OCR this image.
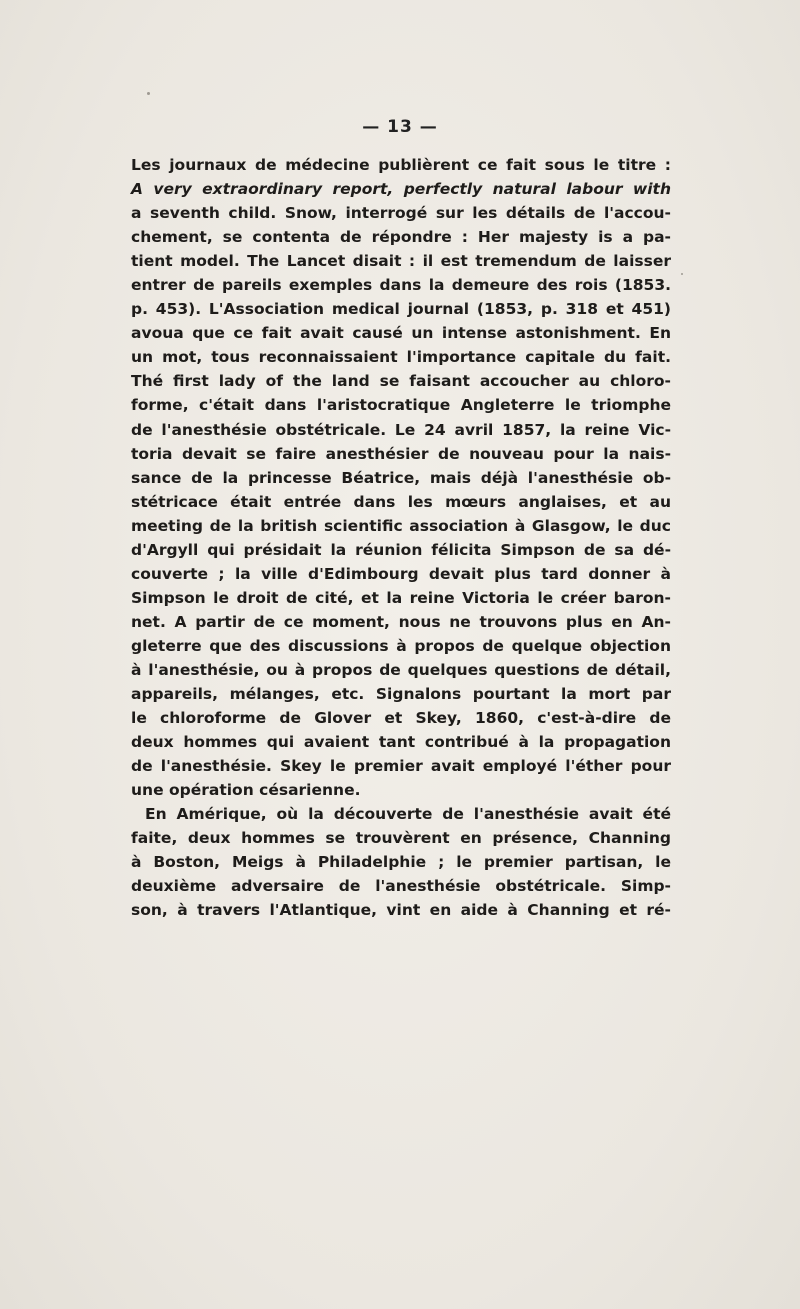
— 13 —
Les journaux de médecine publièrent ce fait sous le titre :
A very extraordinary report, perfectly natural labour with
a seventh child. Snow, interrogé sur les détails de l'accou-
chement, se contenta de répondre : Her majesty is a pa-
tient model. The Lancet disait : il est tremendum de laisser
entrer de pareils exemples dans la demeure des rois (1853.
p. 453). L'Association medical journal (1853, p. 318 et 451)
avoua que ce fait avait causé un intense astonishment. En
un mot, tous reconnaissaient l'importance capitale du fait.
Thé first lady of the land se faisant accoucher au chloro-
forme, c'était dans l'aristocratique Angleterre le triomphe
de l'anesthésie obstétricale. Le 24 avril 1857, la reine Vic-
toria devait se faire anesthésier de nouveau pour la nais-
sance de la princesse Béatrice, mais déjà l'anesthésie ob-
stétricace était entrée dans les mœurs anglaises, et au
meeting de la british scientific association à Glasgow, le duc
d'Argyll qui présidait la réunion félicita Simpson de sa dé-
couverte ; la ville d'Edimbourg devait plus tard donner à
Simpson le droit de cité, et la reine Victoria le créer baron-
net. A partir de ce moment, nous ne trouvons plus en An-
gleterre que des discussions à propos de quelque objection
à l'anesthésie, ou à propos de quelques questions de détail,
appareils, mélanges, etc. Signalons pourtant la mort par
le chloroforme de Glover et Skey, 1860, c'est-à-dire de
deux hommes qui avaient tant contribué à la propagation
de l'anesthésie. Skey le premier avait employé l'éther pour
une opération césarienne.
En Amérique, où la découverte de l'anesthésie avait été
faite, deux hommes se trouvèrent en présence, Channing
à Boston, Meigs à Philadelphie ; le premier partisan, le
deuxième adversaire de l'anesthésie obstétricale. Simp-
son, à travers l'Atlantique, vint en aide à Channing et ré-
